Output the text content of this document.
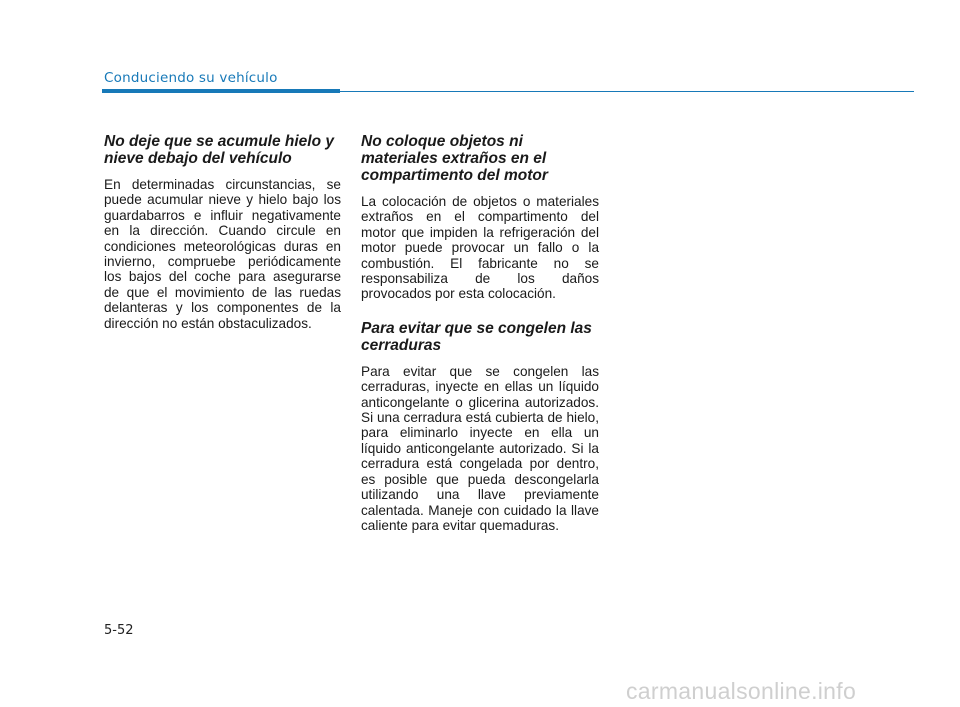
Conduciendo su vehículo
No deje que se acumule hielo y nieve debajo del vehículo

En determinadas circunstancias, se puede acumular nieve y hielo bajo los guardabarros e influir negativamente en la dirección. Cuando circule en condiciones meteorológicas duras en invierno, compruebe periódicamente los bajos del coche para asegurarse de que el movimiento de las ruedas delanteras y los componentes de la dirección no están obstaculizados.

No coloque objetos ni materiales extraños en el compartimento del motor

La colocación de objetos o materiales extraños en el compartimento del motor que impiden la refrigeración del motor puede provocar un fallo o la combustión. El fabricante no se responsabiliza de los daños provocados por esta colocación.

Para evitar que se congelen las cerraduras

Para evitar que se congelen las cerraduras, inyecte en ellas un líquido anticongelante o glicerina autorizados. Si una cerradura está cubierta de hielo, para eliminarlo inyecte en ella un líquido anticongelante autorizado. Si la cerradura está congelada por dentro, es posible que pueda descongelarla utilizando una llave previamente calentada. Maneje con cuidado la llave caliente para evitar quemaduras.

5-52
carmanualsonline.info
